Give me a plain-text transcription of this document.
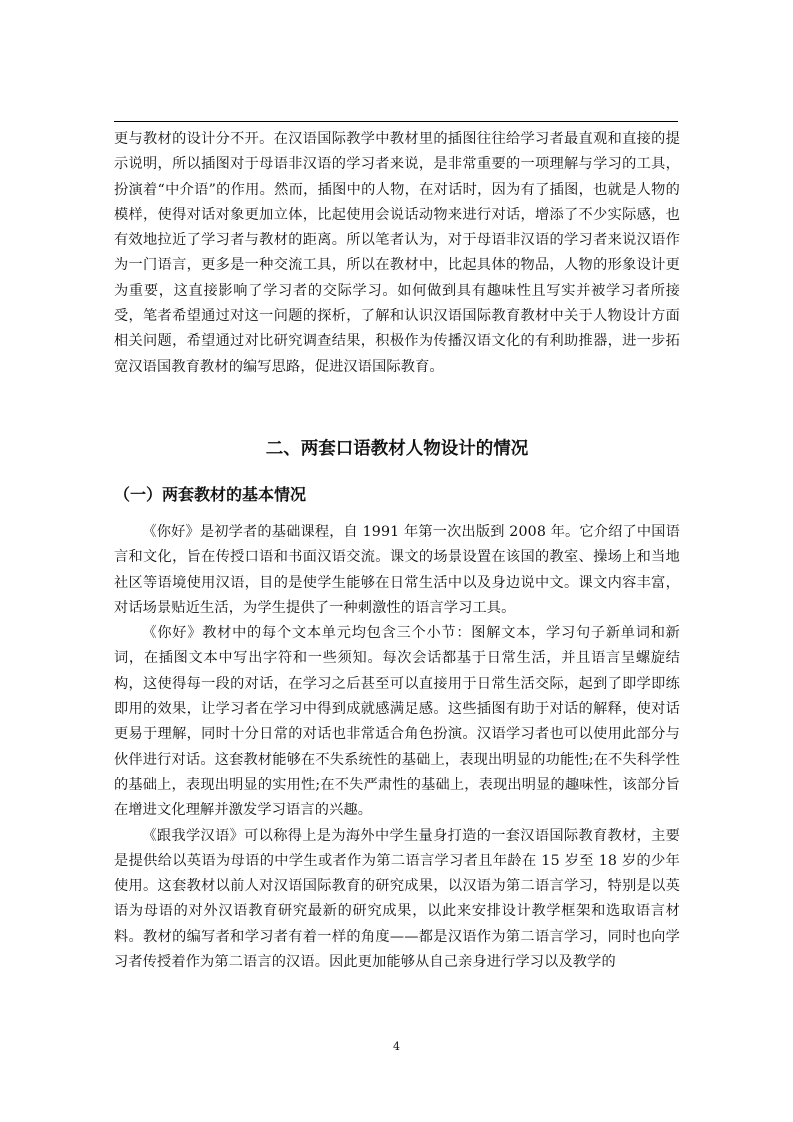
更与教材的设计分不开。在汉语国际教学中教材里的插图往往给学习者最直观和直接的提示说明，所以插图对于母语非汉语的学习者来说，是非常重要的一项理解与学习的工具，扮演着“中介语”的作用。然而，插图中的人物，在对话时，因为有了插图，也就是人物的模样，使得对话对象更加立体，比起使用会说话动物来进行对话，增添了不少实际感，也有效地拉近了学习者与教材的距离。所以笔者认为，对于母语非汉语的学习者来说汉语作为一门语言，更多是一种交流工具，所以在教材中，比起具体的物品，人物的形象设计更为重要，这直接影响了学习者的交际学习。如何做到具有趣味性且写实并被学习者所接受，笔者希望通过对这一问题的探析，了解和认识汉语国际教育教材中关于人物设计方面相关问题，希望通过对比研究调查结果，积极作为传播汉语文化的有利助推器，进一步拓宽汉语国教育教材的编写思路，促进汉语国际教育。

二、两套口语教材人物设计的情况
（一）两套教材的基本情况

《你好》是初学者的基础课程，自 1991 年第一次出版到 2008 年。它介绍了中国语言和文化，旨在传授口语和书面汉语交流。课文的场景设置在该国的教室、操场上和当地社区等语境使用汉语，目的是使学生能够在日常生活中以及身边说中文。课文内容丰富，对话场景贴近生活，为学生提供了一种刺激性的语言学习工具。

《你好》教材中的每个文本单元均包含三个小节：图解文本，学习句子新单词和新词，在插图文本中写出字符和一些须知。每次会话都基于日常生活，并且语言呈螺旋结构，这使得每一段的对话，在学习之后甚至可以直接用于日常生活交际，起到了即学即练即用的效果，让学习者在学习中得到成就感满足感。这些插图有助于对话的解释，使对话更易于理解，同时十分日常的对话也非常适合角色扮演。汉语学习者也可以使用此部分与伙伴进行对话。这套教材能够在不失系统性的基础上，表现出明显的功能性;在不失科学性的基础上，表现出明显的实用性;在不失严肃性的基础上，表现出明显的趣味性，该部分旨在增进文化理解并激发学习语言的兴趣。

《跟我学汉语》可以称得上是为海外中学生量身打造的一套汉语国际教育教材，主要是提供给以英语为母语的中学生或者作为第二语言学习者且年龄在 15 岁至 18 岁的少年使用。这套教材以前人对汉语国际教育的研究成果，以汉语为第二语言学习，特别是以英语为母语的对外汉语教育研究最新的研究成果，以此来安排设计教学框架和选取语言材料。教材的编写者和学习者有着一样的角度——都是汉语作为第二语言学习，同时也向学习者传授着作为第二语言的汉语。因此更加能够从自己亲身进行学习以及教学的

4
